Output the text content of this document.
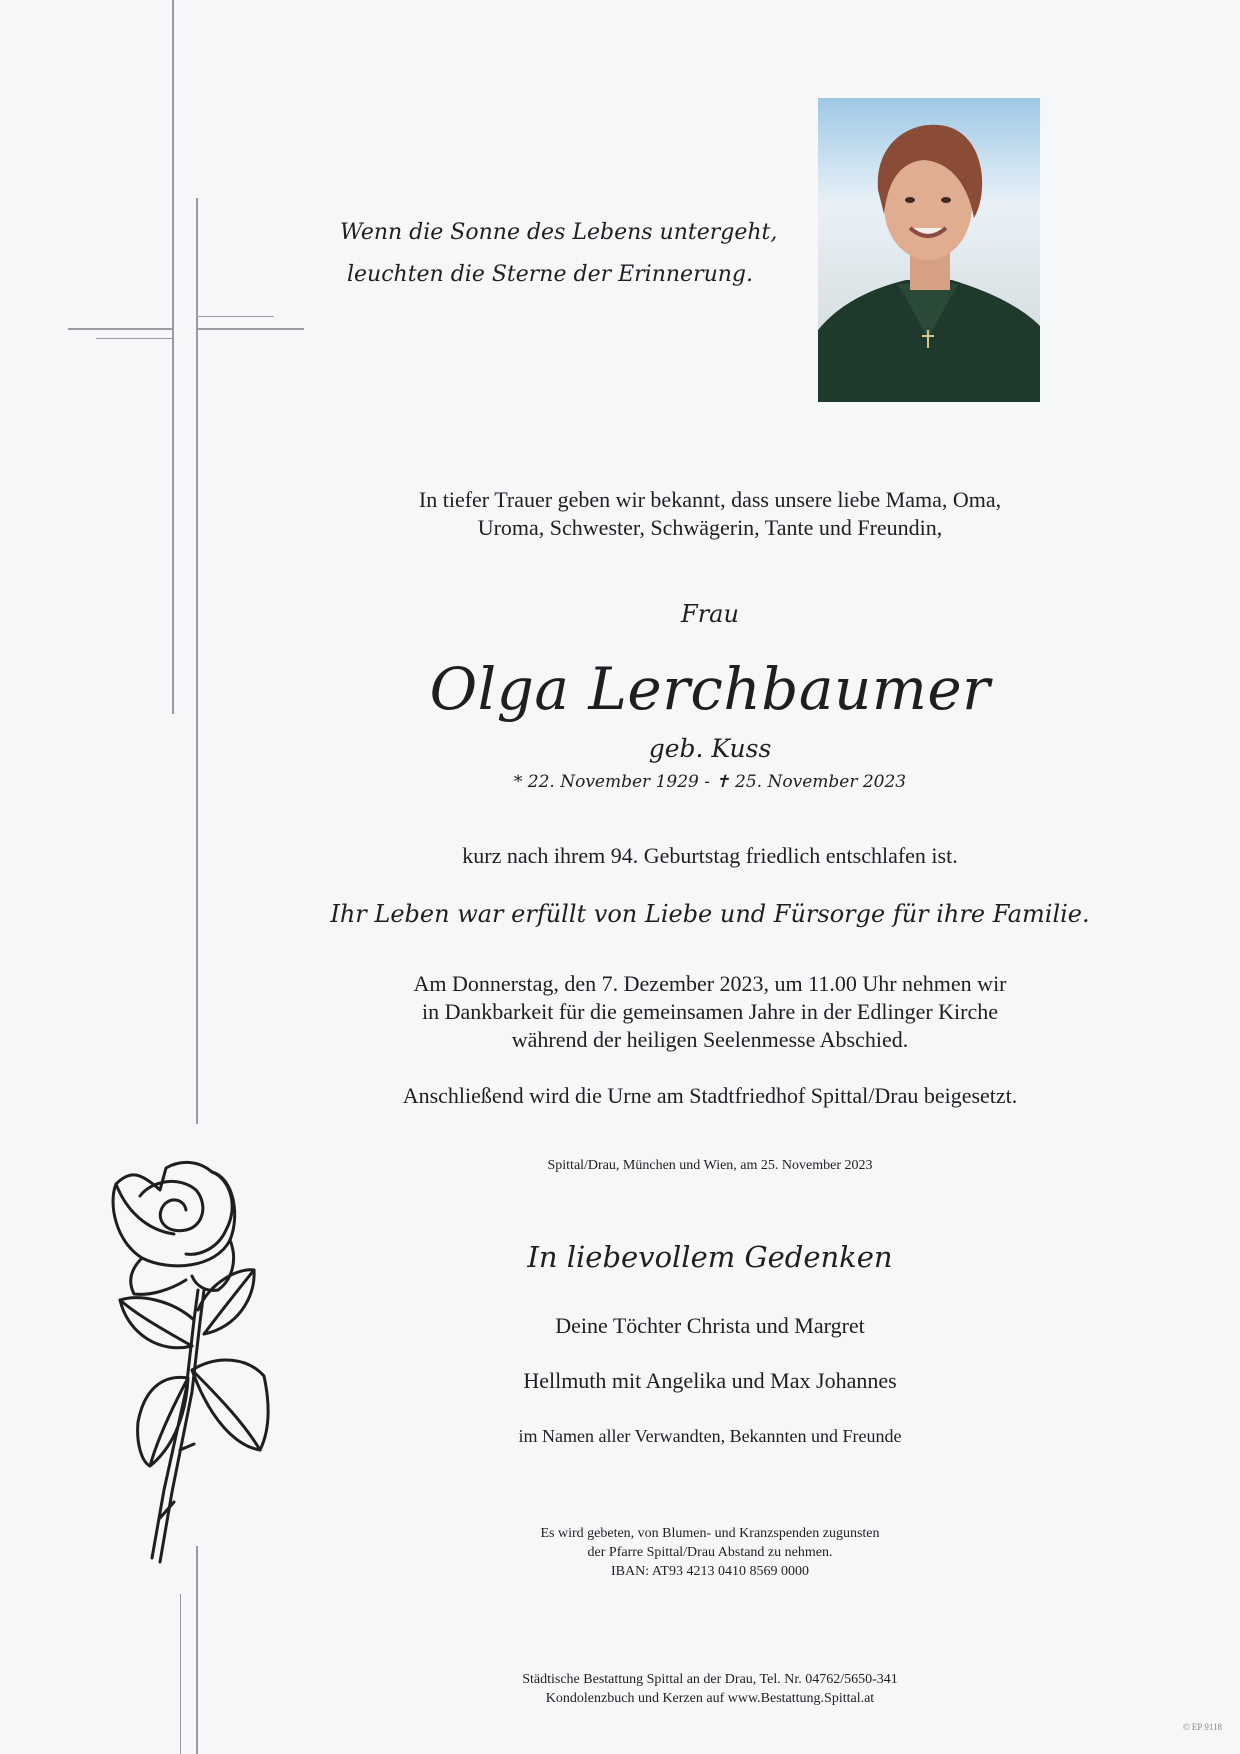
Wenn die Sonne des Lebens untergeht,
leuchten die Sterne der Erinnerung.
In tiefer Trauer geben wir bekannt, dass unsere liebe Mama, Oma,
Uroma, Schwester, Schwägerin, Tante und Freundin,
Frau
Olga Lerchbaumer
geb. Kuss
* 22. November 1929 - ✝ 25. November 2023
kurz nach ihrem 94. Geburtstag friedlich entschlafen ist.
Ihr Leben war erfüllt von Liebe und Fürsorge für ihre Familie.
Am Donnerstag, den 7. Dezember 2023, um 11.00 Uhr nehmen wir
in Dankbarkeit für die gemeinsamen Jahre in der Edlinger Kirche
während der heiligen Seelenmesse Abschied.
Anschließend wird die Urne am Stadtfriedhof Spittal/Drau beigesetzt.
Spittal/Drau, München und Wien, am 25. November 2023
In liebevollem Gedenken
Deine Töchter Christa und Margret
Hellmuth mit Angelika und Max Johannes
im Namen aller Verwandten, Bekannten und Freunde
Es wird gebeten, von Blumen- und Kranzspenden zugunsten
der Pfarre Spittal/Drau Abstand zu nehmen.
IBAN: AT93 4213 0410 8569 0000
Städtische Bestattung Spittal an der Drau, Tel. Nr. 04762/5650-341
Kondolenzbuch und Kerzen auf www.Bestattung.Spittal.at
© EP 9118
